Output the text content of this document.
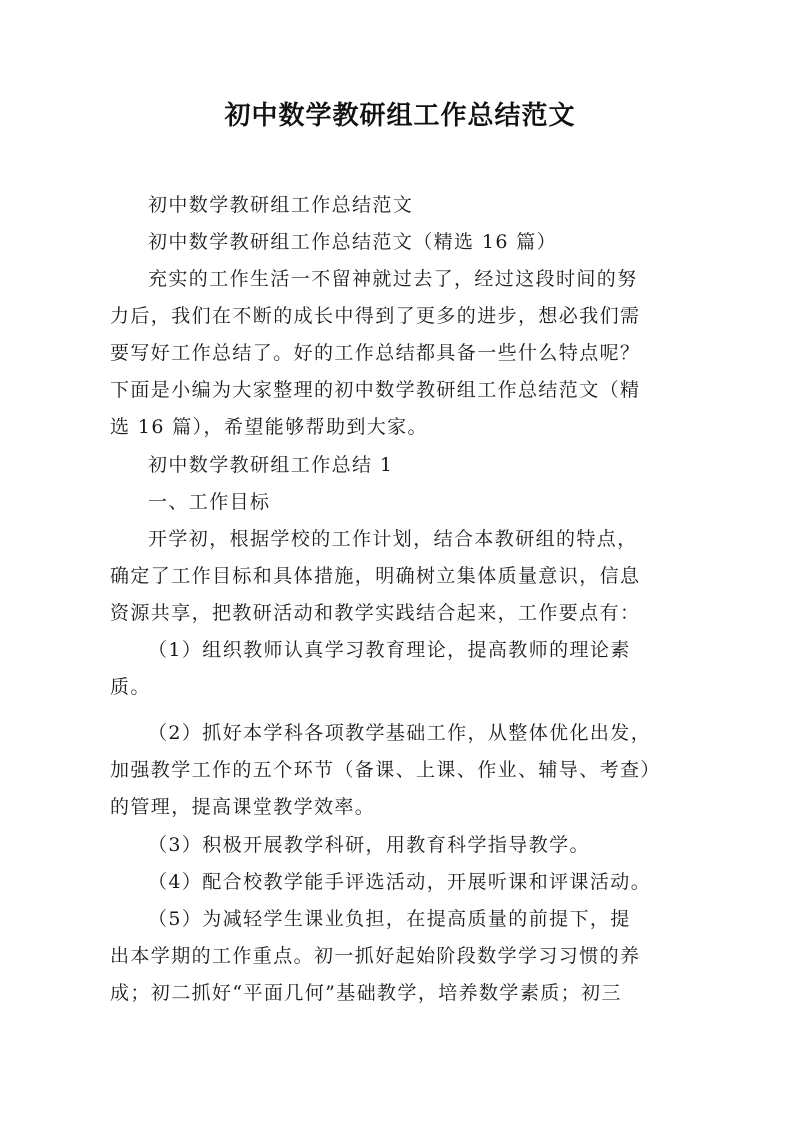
初中数学教研组工作总结范文
初中数学教研组工作总结范文
初中数学教研组工作总结范文（精选 16 篇）
充实的工作生活一不留神就过去了，经过这段时间的努
力后，我们在不断的成长中得到了更多的进步，想必我们需
要写好工作总结了。好的工作总结都具备一些什么特点呢？
下面是小编为大家整理的初中数学教研组工作总结范文（精
选 16 篇），希望能够帮助到大家。
初中数学教研组工作总结 1
一、工作目标
开学初，根据学校的工作计划，结合本教研组的特点，
确定了工作目标和具体措施，明确树立集体质量意识，信息
资源共享，把教研活动和教学实践结合起来，工作要点有：
（1）组织教师认真学习教育理论，提高教师的理论素
质。
（2）抓好本学科各项教学基础工作，从整体优化出发，
加强教学工作的五个环节（备课、上课、作业、辅导、考查）
的管理，提高课堂教学效率。
（3）积极开展教学科研，用教育科学指导教学。
（4）配合校教学能手评选活动，开展听课和评课活动。
（5）为减轻学生课业负担，在提高质量的前提下，提
出本学期的工作重点。初一抓好起始阶段数学学习习惯的养
成；初二抓好“平面几何”基础教学，培养数学素质；初三
